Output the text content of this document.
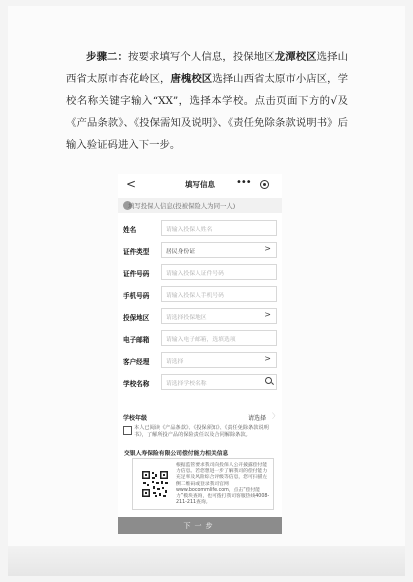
步骤二：按要求填写个人信息，投保地区龙潭校区选择山西省太原市杏花岭区，唐槐校区选择山西省太原市小店区，学校名称关键字输入“XX”，选择本学校。点击页面下方的√及《产品条款》、《投保需知及说明》、《责任免除条款说明书》后输入验证码进入下一步。
<	填写信息	•••
填写投保人信息(投被保险人为同一人)
姓名	请输入投保人姓名
证件类型	居民身份证	>
证件号码	请输入投保人证件号码
手机号码	请输入投保人手机号码
投保地区	请选择投保地区	>
电子邮箱	请输入电子邮箱，选填选项
客户经理	请选择	>
学校名称	请选择学校名称
学校年级	请选择 〉
本人已阅读《产品条款》、《投保须知》、《责任免除条款说明书》，了解所投产品的保险责任以及合同解除条款。
交银人寿保险有限公司偿付能力相关信息
根据监管要求我司向投保人公开披露偿付能力信息。若您想进一步了解我司的偿付能力充足率及风险综合评级等信息，您可扫描左侧二维码或登录我司官网 www.bocommlife.com，点击“偿付能力”模块查询，也可拨打我司客服热线4008-211-211查询。
下一步
